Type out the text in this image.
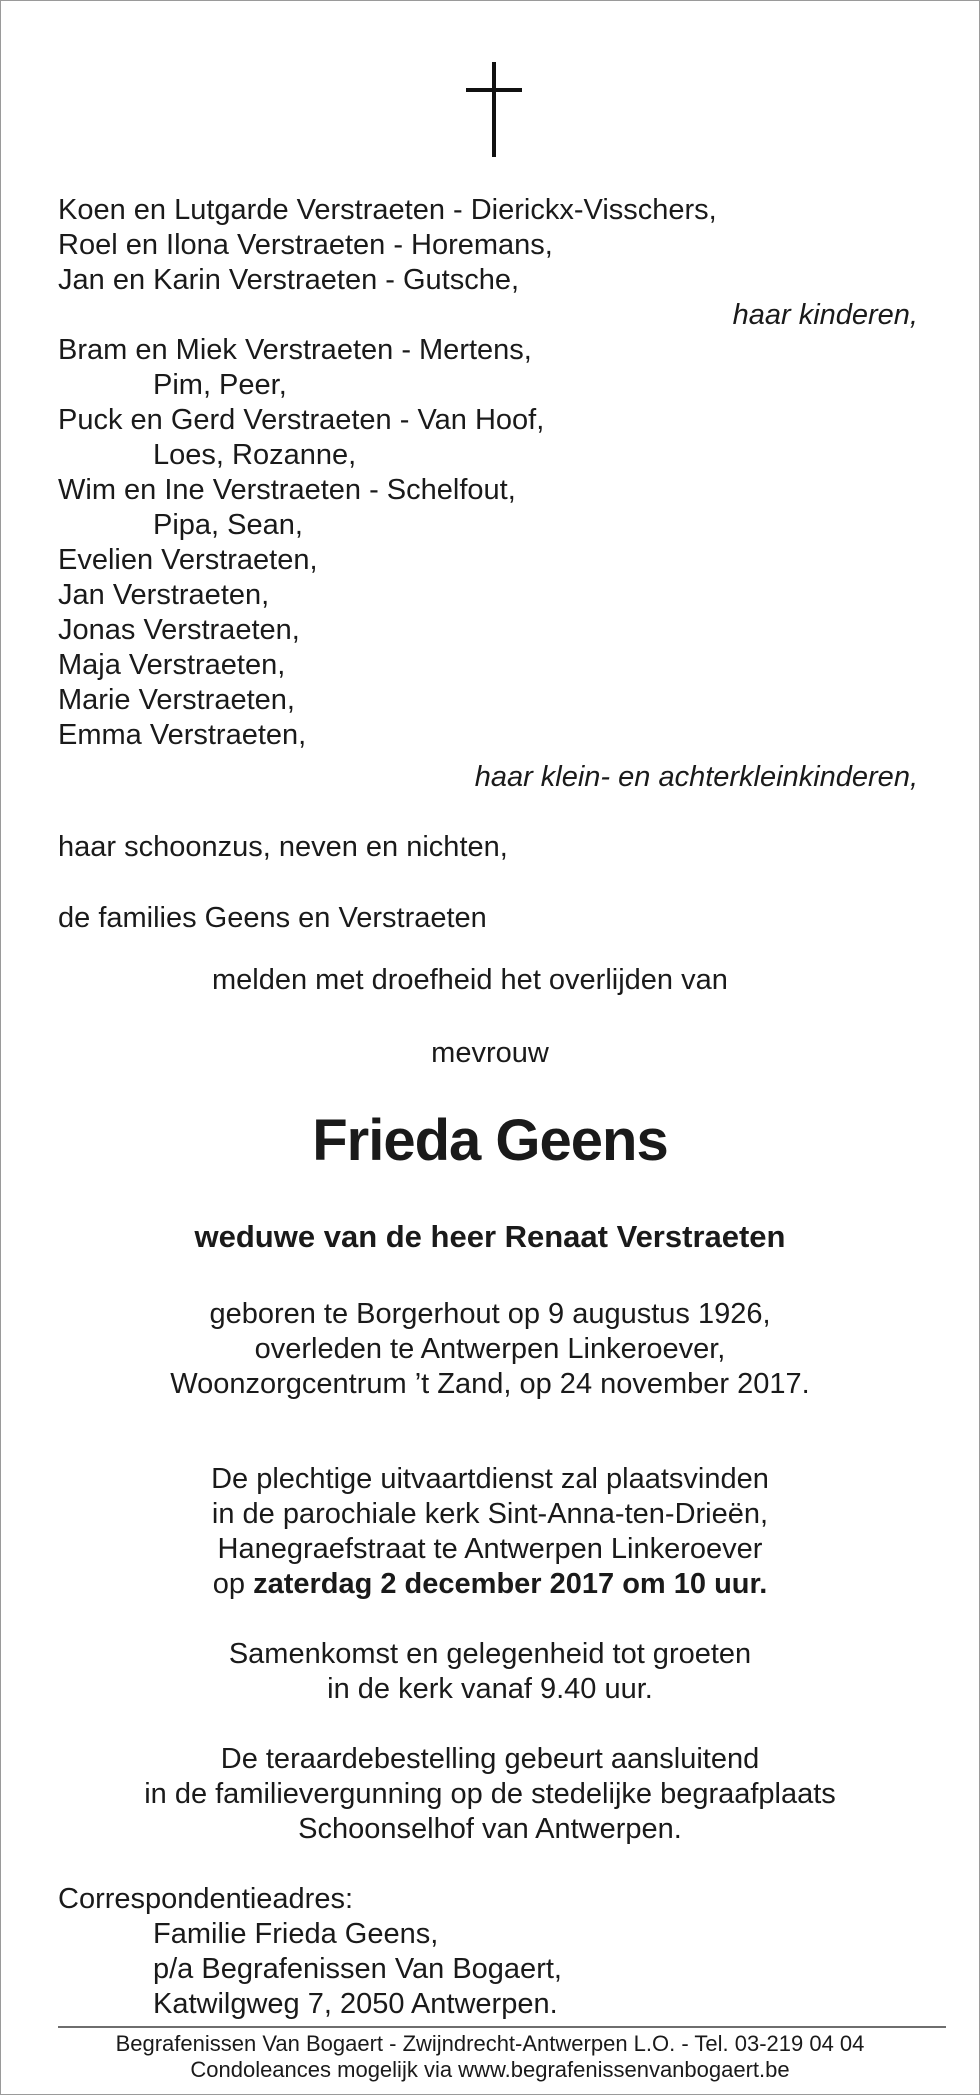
Koen en Lutgarde Verstraeten - Dierickx-Visschers,
Roel en Ilona Verstraeten - Horemans,
Jan en Karin Verstraeten - Gutsche,
haar kinderen,
Bram en Miek Verstraeten - Mertens,
Pim, Peer,
Puck en Gerd Verstraeten - Van Hoof,
Loes, Rozanne,
Wim en Ine Verstraeten - Schelfout,
Pipa, Sean,
Evelien Verstraeten,
Jan Verstraeten,
Jonas Verstraeten,
Maja Verstraeten,
Marie Verstraeten,
Emma Verstraeten,
haar klein- en achterkleinkinderen,
haar schoonzus, neven en nichten,
de families Geens en Verstraeten
melden met droefheid het overlijden van
mevrouw
Frieda Geens
weduwe van de heer Renaat Verstraeten
geboren te Borgerhout op 9 augustus 1926,
overleden te Antwerpen Linkeroever,
Woonzorgcentrum ’t Zand, op 24 november 2017.
De plechtige uitvaartdienst zal plaatsvinden
in de parochiale kerk Sint-Anna-ten-Drieën,
Hanegraefstraat te Antwerpen Linkeroever
op zaterdag 2 december 2017 om 10 uur.
Samenkomst en gelegenheid tot groeten
in de kerk vanaf 9.40 uur.
De teraardebestelling gebeurt aansluitend
in de familievergunning op de stedelijke begraafplaats
Schoonselhof van Antwerpen.
Correspondentieadres:
Familie Frieda Geens,
p/a Begrafenissen Van Bogaert,
Katwilgweg 7, 2050 Antwerpen.
Begrafenissen Van Bogaert - Zwijndrecht-Antwerpen L.O. - Tel. 03-219 04 04
Condoleances mogelijk via www.begrafenissenvanbogaert.be
